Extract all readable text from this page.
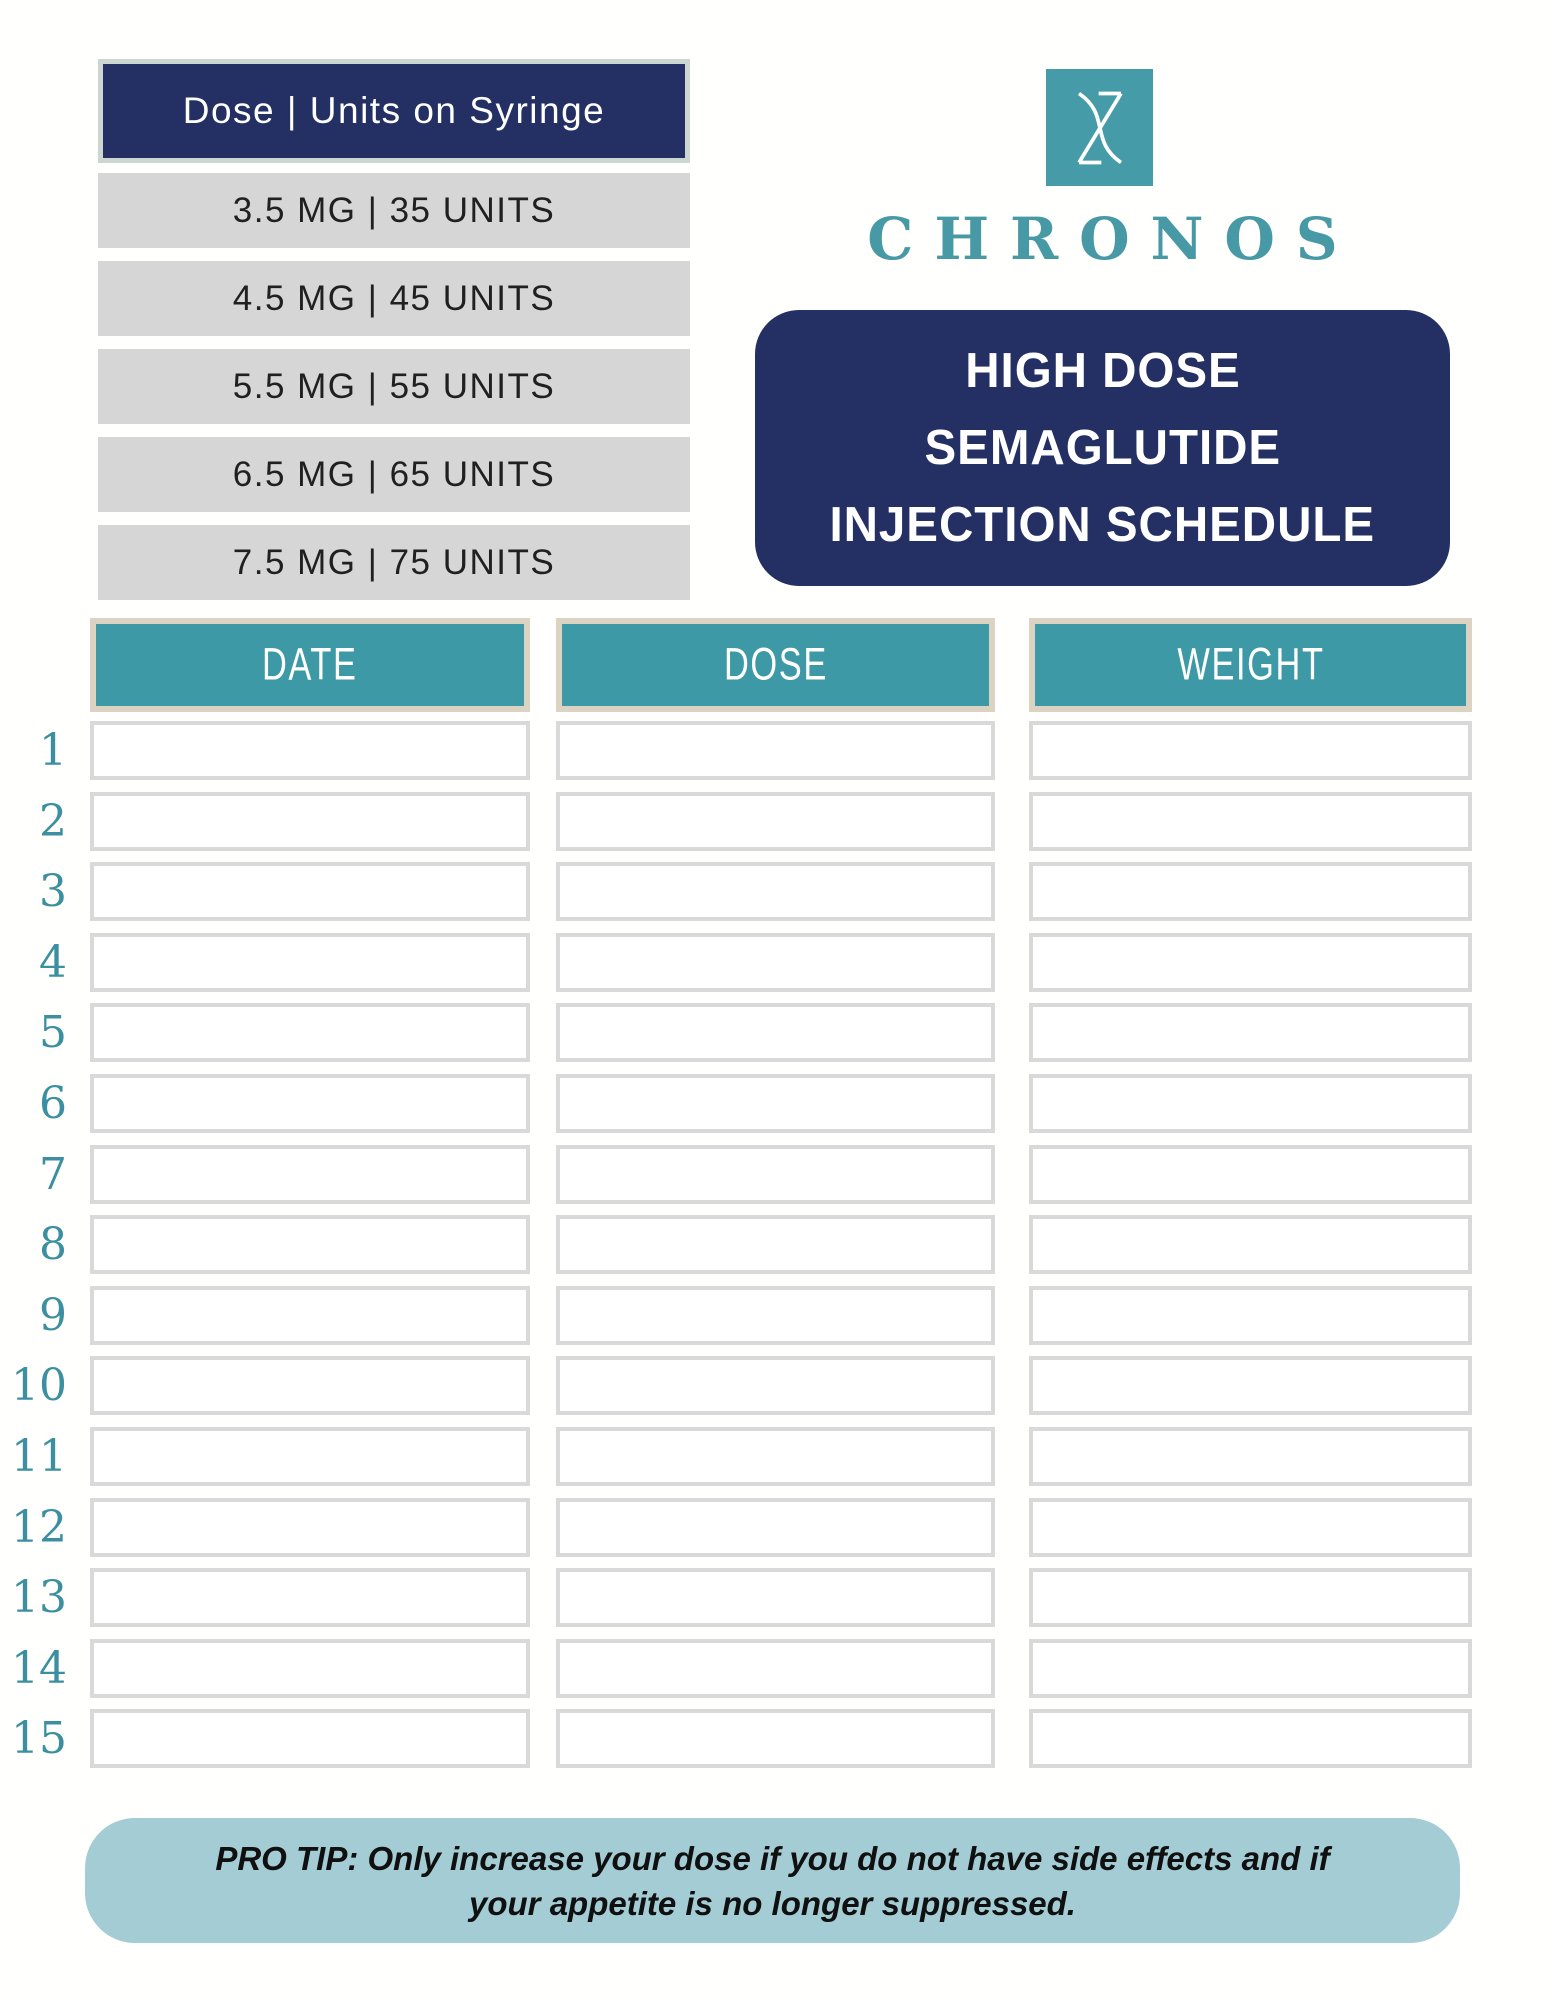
Dose | Units on Syringe
3.5 MG | 35 UNITS
4.5 MG | 45 UNITS
5.5 MG | 55 UNITS
6.5 MG | 65 UNITS
7.5 MG | 75 UNITS
CHRONOS
HIGH DOSE
SEMAGLUTIDE
INJECTION SCHEDULE
DATE	DOSE	WEIGHT
1
2
3
4
5
6
7
8
9
10
11
12
13
14
15
PRO TIP: Only increase your dose if you do not have side effects and if
your appetite is no longer suppressed.
